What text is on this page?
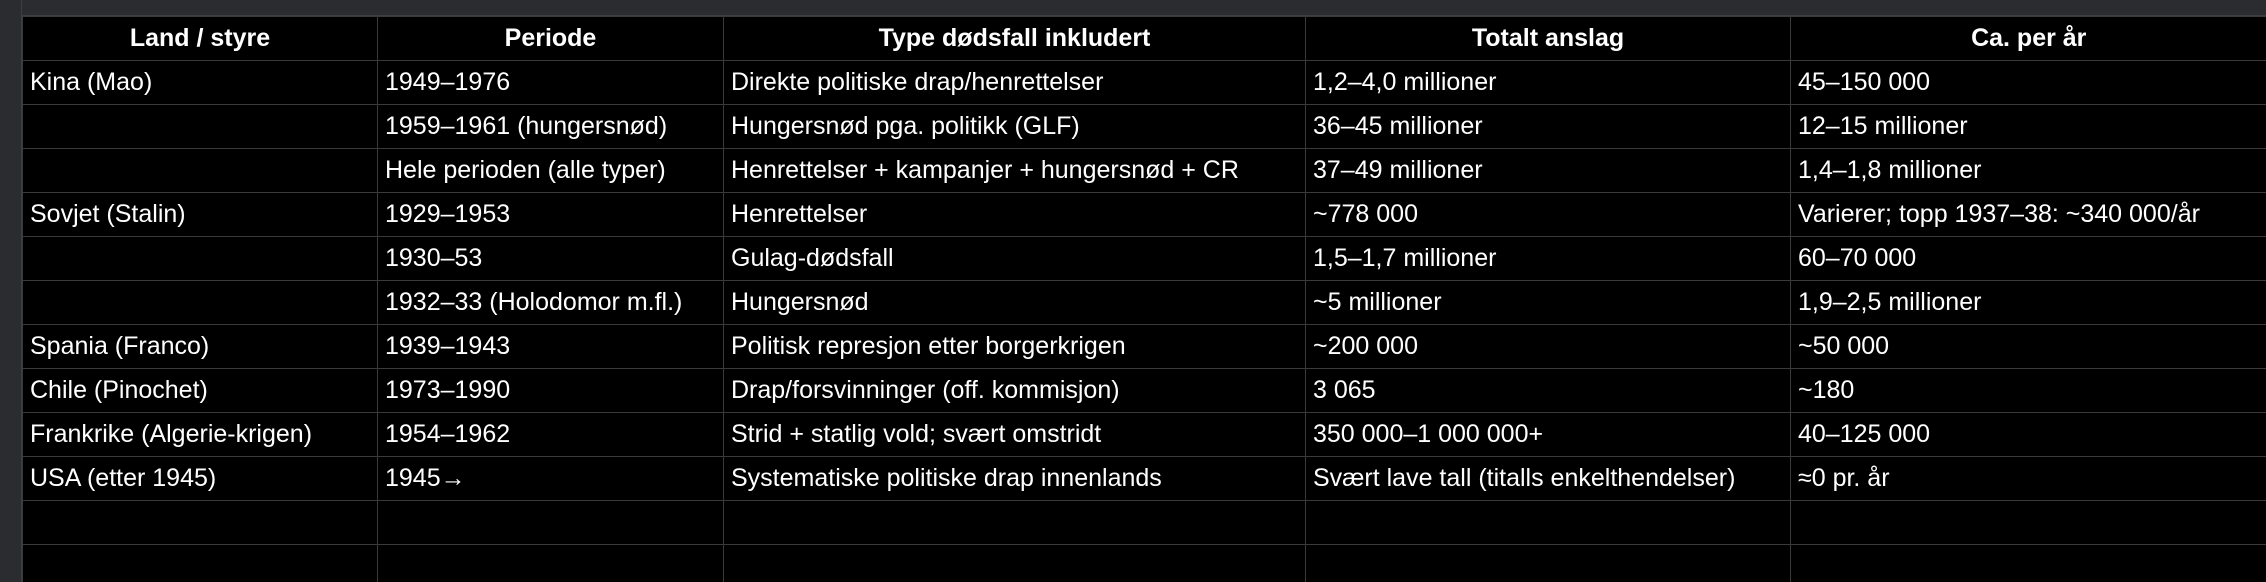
Land / styre	Periode	Type dødsfall inkludert	Totalt anslag	Ca. per år
Kina (Mao)	1949–1976	Direkte politiske drap/henrettelser	1,2–4,0 millioner	45–150 000
	1959–1961 (hungersnød)	Hungersnød pga. politikk (GLF)	36–45 millioner	12–15 millioner
	Hele perioden (alle typer)	Henrettelser + kampanjer + hungersnød + CR	37–49 millioner	1,4–1,8 millioner
Sovjet (Stalin)	1929–1953	Henrettelser	~778 000	Varierer; topp 1937–38: ~340 000/år
	1930–53	Gulag-dødsfall	1,5–1,7 millioner	60–70 000
	1932–33 (Holodomor m.fl.)	Hungersnød	~5 millioner	1,9–2,5 millioner
Spania (Franco)	1939–1943	Politisk represjon etter borgerkrigen	~200 000	~50 000
Chile (Pinochet)	1973–1990	Drap/forsvinninger (off. kommisjon)	3 065	~180
Frankrike (Algerie-krigen)	1954–1962	Strid + statlig vold; svært omstridt	350 000–1 000 000+	40–125 000
USA (etter 1945)	1945→	Systematiske politiske drap innenlands	Svært lave tall (titalls enkelthendelser)	≈0 pr. år
